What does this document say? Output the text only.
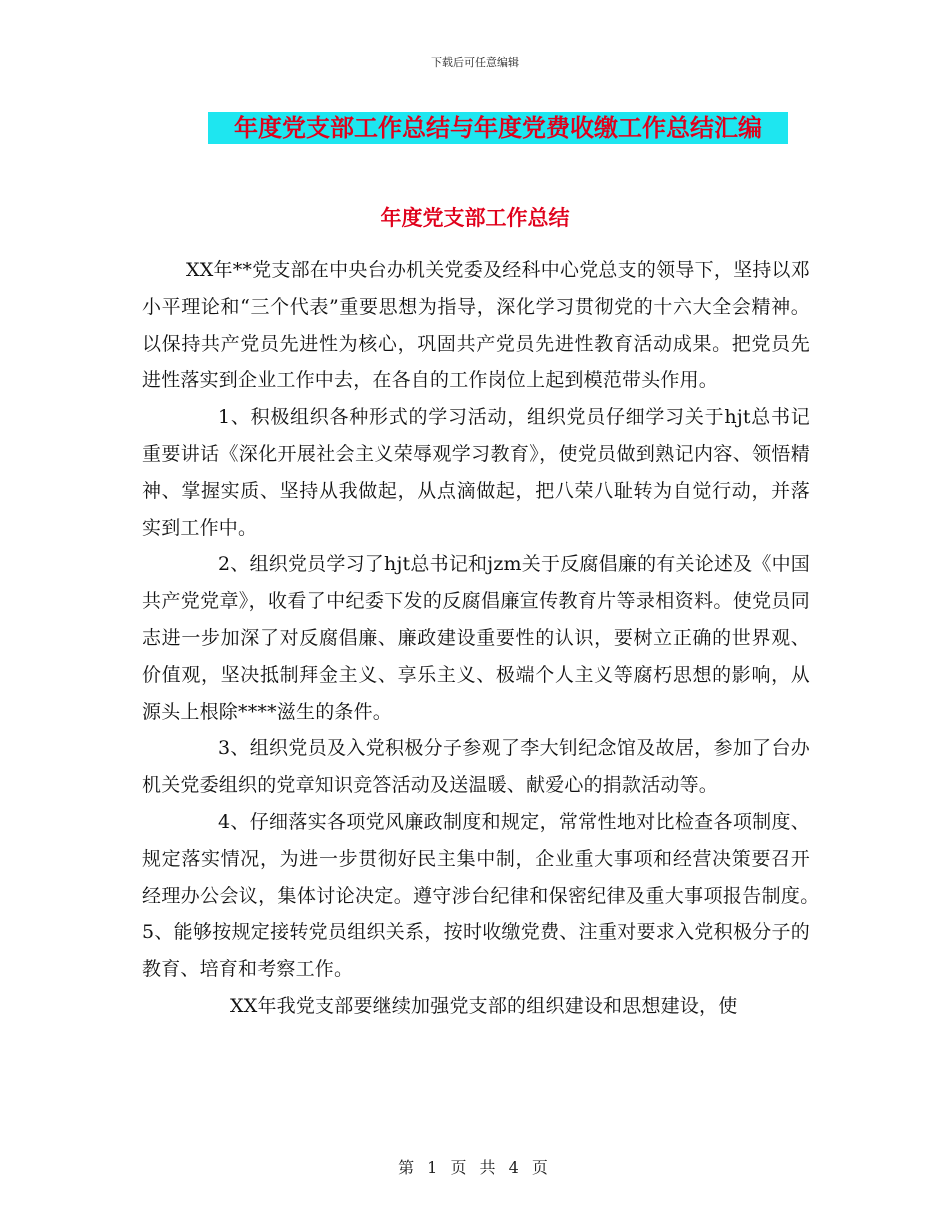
下载后可任意编辑
年度党支部工作总结与年度党费收缴工作总结汇编
年度党支部工作总结

XX年**党支部在中央台办机关党委及经科中心党总支的领导下，坚持以邓小平理论和“三个代表”重要思想为指导，深化学习贯彻党的十六大全会精神。以保持共产党员先进性为核心，巩固共产党员先进性教育活动成果。把党员先进性落实到企业工作中去，在各自的工作岗位上起到模范带头作用。

1、积极组织各种形式的学习活动，组织党员仔细学习关于hjt总书记重要讲话《深化开展社会主义荣辱观学习教育》，使党员做到熟记内容、领悟精神、掌握实质、坚持从我做起，从点滴做起，把八荣八耻转为自觉行动，并落实到工作中。

2、组织党员学习了hjt总书记和jzm关于反腐倡廉的有关论述及《中国共产党党章》，收看了中纪委下发的反腐倡廉宣传教育片等录相资料。使党员同志进一步加深了对反腐倡廉、廉政建设重要性的认识，要树立正确的世界观、价值观，坚决抵制拜金主义、享乐主义、极端个人主义等腐朽思想的影响，从源头上根除****滋生的条件。

3、组织党员及入党积极分子参观了李大钊纪念馆及故居，参加了台办机关党委组织的党章知识竞答活动及送温暖、献爱心的捐款活动等。

4、仔细落实各项党风廉政制度和规定，常常性地对比检查各项制度、规定落实情况，为进一步贯彻好民主集中制，企业重大事项和经营决策要召开经理办公会议，集体讨论决定。遵守涉台纪律和保密纪律及重大事项报告制度。　　5、能够按规定接转党员组织关系，按时收缴党费、注重对要求入党积极分子的教育、培育和考察工作。

XX年我党支部要继续加强党支部的组织建设和思想建设，使

第 1 页 共 4 页
